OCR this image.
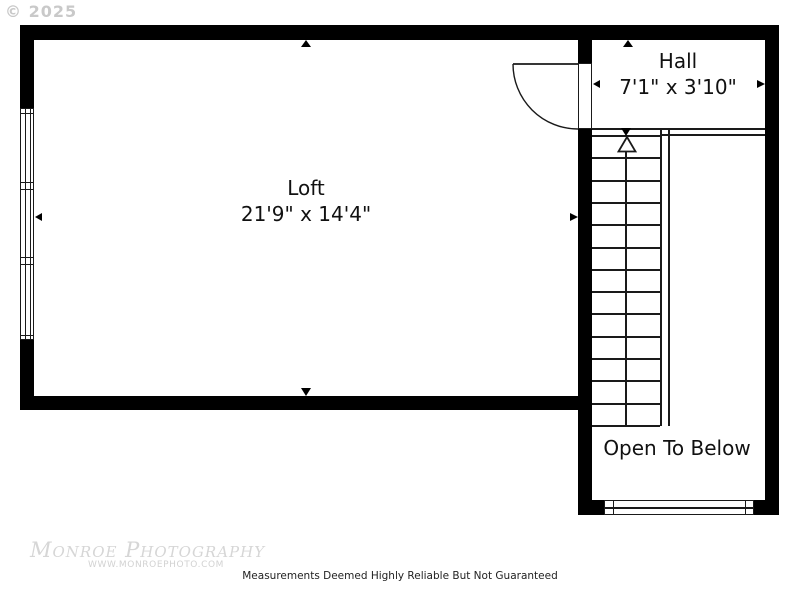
Loft
21'9" x 14'4"
Hall
7'1" x 3'10"
Open To Below
© 2025
Monroe Photography
WWW.MONROEPHOTO.COM
Measurements Deemed Highly Reliable But Not Guaranteed
